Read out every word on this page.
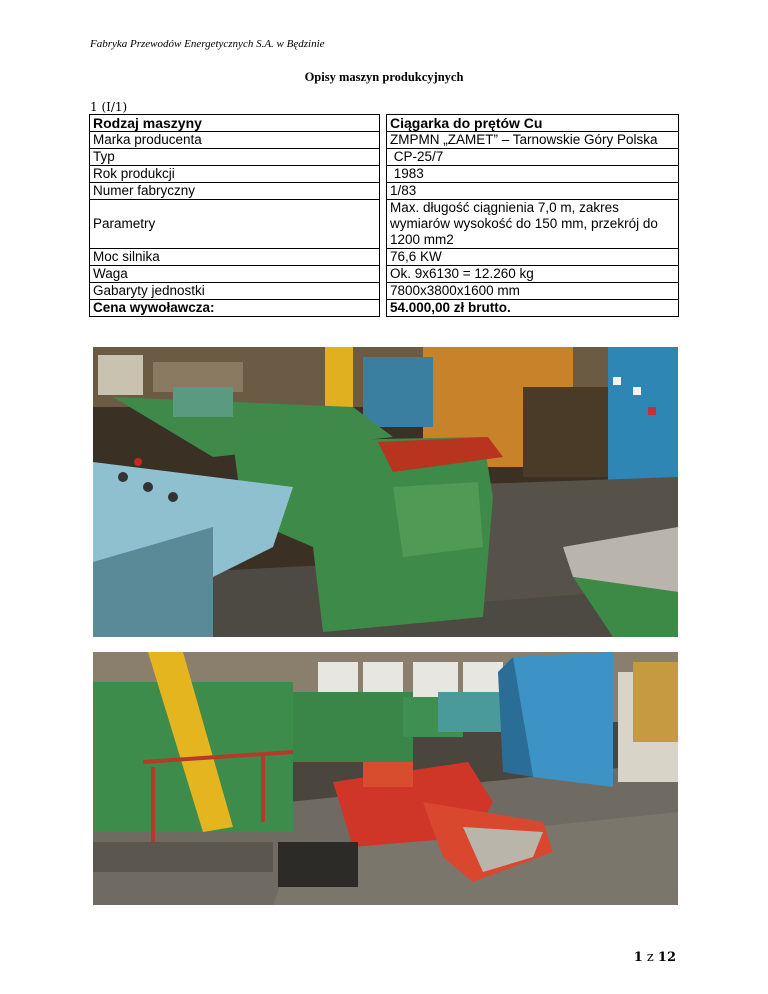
Fabryka Przewodów Energetycznych S.A. w Będzinie
Opisy maszyn produkcyjnych
1 (I/1)
Rodzaj maszyny		Ciągarka do prętów Cu
Marka producenta		ZMPMN „ZAMET” – Tarnowskie Góry Polska
Typ		CP-25/7
Rok produkcji		1983
Numer fabryczny		1/83
Parametry		Max. długość ciągnienia 7,0 m, zakres wymiarów wysokość do 150 mm, przekrój do 1200 mm2
Moc silnika		76,6 KW
Waga		Ok. 9x6130 = 12.260 kg
Gabaryty jednostki		7800x3800x1600 mm
Cena wywoławcza:		54.000,00 zł brutto.
1 z 12
